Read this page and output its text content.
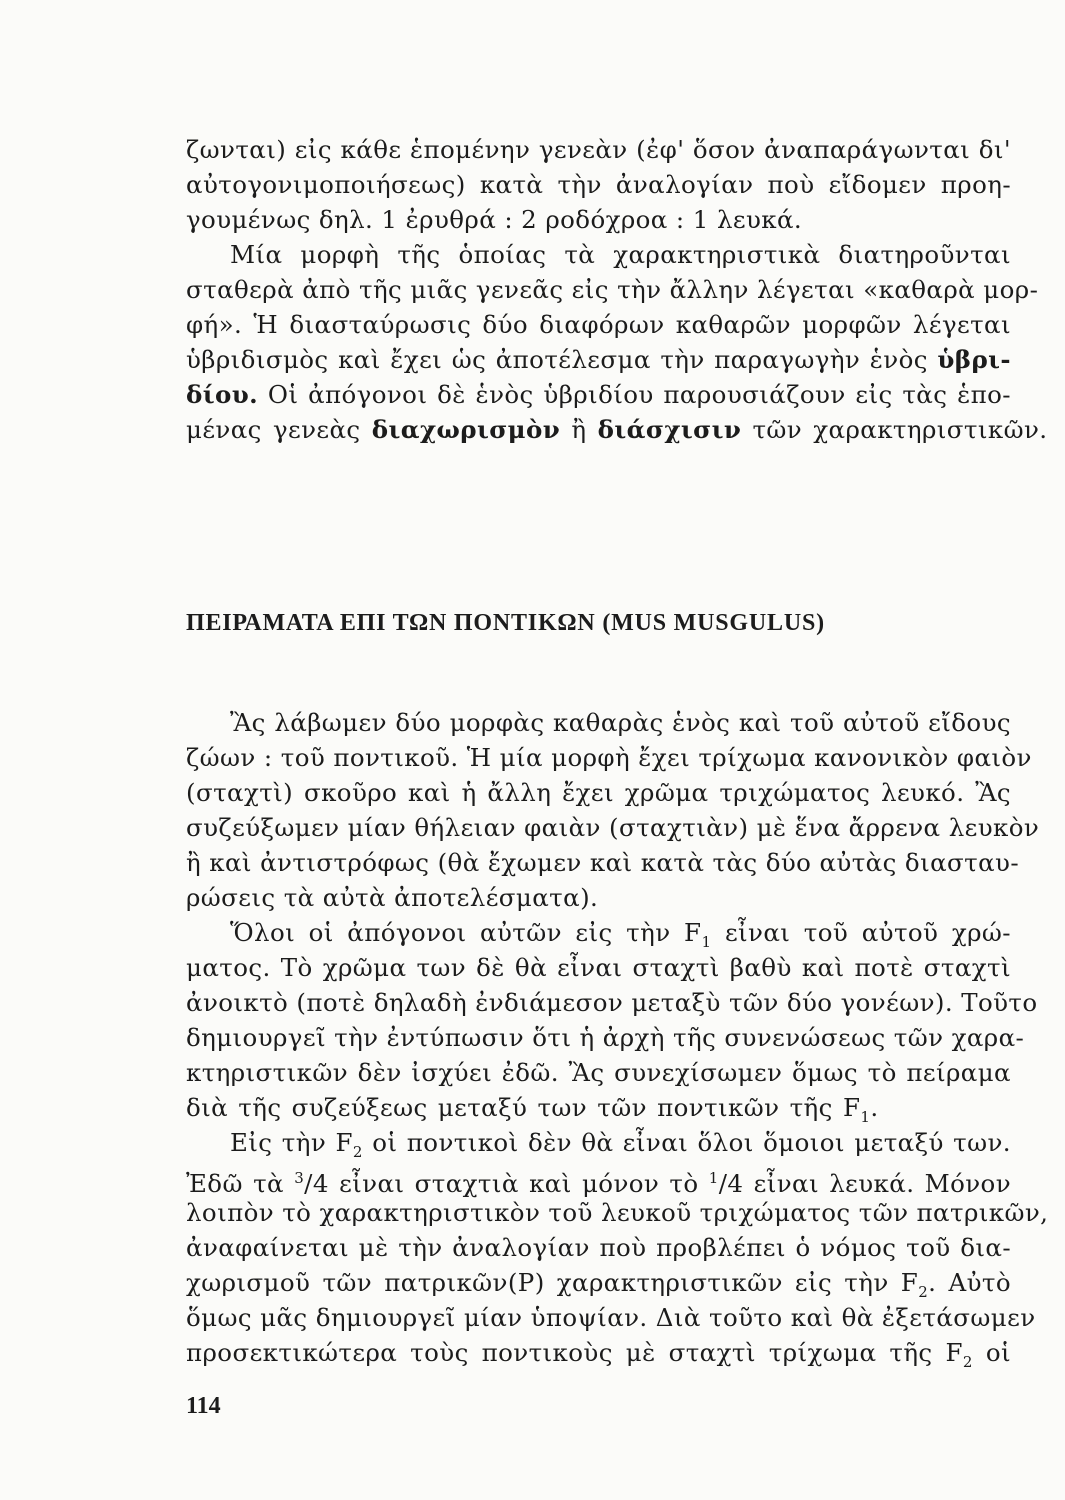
ζωνται) εἰς κάθε ἑπομένην γενεὰν (ἐφ' ὅσον ἀναπαράγωνται δι'
αὐτογονιμοποιήσεως) κατὰ τὴν ἀναλογίαν ποὺ εἴδομεν προη-
γουμένως δηλ. 1 ἐρυθρά : 2 ροδόχροα : 1 λευκά.
Μία μορφὴ τῆς ὁποίας τὰ χαρακτηριστικὰ διατηροῦνται
σταθερὰ ἀπὸ τῆς μιᾶς γενεᾶς εἰς τὴν ἄλλην λέγεται «καθαρὰ μορ-
φή». Ἡ διασταύρωσις δύο διαφόρων καθαρῶν μορφῶν λέγεται
ὑβριδισμὸς καὶ ἔχει ὡς ἀποτέλεσμα τὴν παραγωγὴν ἑνὸς ὑβρι-
δίου. Οἱ ἀπόγονοι δὲ ἑνὸς ὑβριδίου παρουσιάζουν εἰς τὰς ἑπο-
μένας γενεὰς διαχωρισμὸν ἢ διάσχισιν τῶν χαρακτηριστικῶν.
ΠΕΙΡΑΜΑΤΑ ΕΠΙ ΤΩΝ ΠΟΝΤΙΚΩΝ (MUS MUSGULUS)
Ἂς λάβωμεν δύο μορφὰς καθαρὰς ἑνὸς καὶ τοῦ αὐτοῦ εἴδους
ζώων : τοῦ ποντικοῦ. Ἡ μία μορφὴ ἔχει τρίχωμα κανονικὸν φαιὸν
(σταχτὶ) σκοῦρο καὶ ἡ ἄλλη ἔχει χρῶμα τριχώματος λευκό. Ἂς
συζεύξωμεν μίαν θήλειαν φαιὰν (σταχτιὰν) μὲ ἕνα ἄρρενα λευκὸν
ἢ καὶ ἀντιστρόφως (θὰ ἔχωμεν καὶ κατὰ τὰς δύο αὐτὰς διασταυ-
ρώσεις τὰ αὐτὰ ἀποτελέσματα).
Ὅλοι οἱ ἀπόγονοι αὐτῶν εἰς τὴν $F_1$ εἶναι τοῦ αὐτοῦ χρώ-
ματος. Τὸ χρῶμα των δὲ θὰ εἶναι σταχτὶ βαθὺ καὶ ποτὲ σταχτὶ
ἀνοικτὸ (ποτὲ δηλαδὴ ἐνδιάμεσον μεταξὺ τῶν δύο γονέων). Τοῦτο
δημιουργεῖ τὴν ἐντύπωσιν ὅτι ἡ ἀρχὴ τῆς συνενώσεως τῶν χαρα-
κτηριστικῶν δὲν ἰσχύει ἐδῶ. Ἂς συνεχίσωμεν ὅμως τὸ πείραμα
διὰ τῆς συζεύξεως μεταξύ των τῶν ποντικῶν τῆς $F_1$.
Εἰς τὴν $F_2$ οἱ ποντικοὶ δὲν θὰ εἶναι ὅλοι ὅμοιοι μεταξύ των.
Ἐδῶ τὰ $^3$/4 εἶναι σταχτιὰ καὶ μόνον τὸ $^1$/4 εἶναι λευκά. Μόνον
λοιπὸν τὸ χαρακτηριστικὸν τοῦ λευκοῦ τριχώματος τῶν πατρικῶν,
ἀναφαίνεται μὲ τὴν ἀναλογίαν ποὺ προβλέπει ὁ νόμος τοῦ δια-
χωρισμοῦ τῶν πατρικῶν(P) χαρακτηριστικῶν εἰς τὴν $F_2$. Αὐτὸ
ὅμως μᾶς δημιουργεῖ μίαν ὑποψίαν. Διὰ τοῦτο καὶ θὰ ἐξετάσωμεν
προσεκτικώτερα τοὺς ποντικοὺς μὲ σταχτὶ τρίχωμα τῆς $F_2$ οἱ
114
